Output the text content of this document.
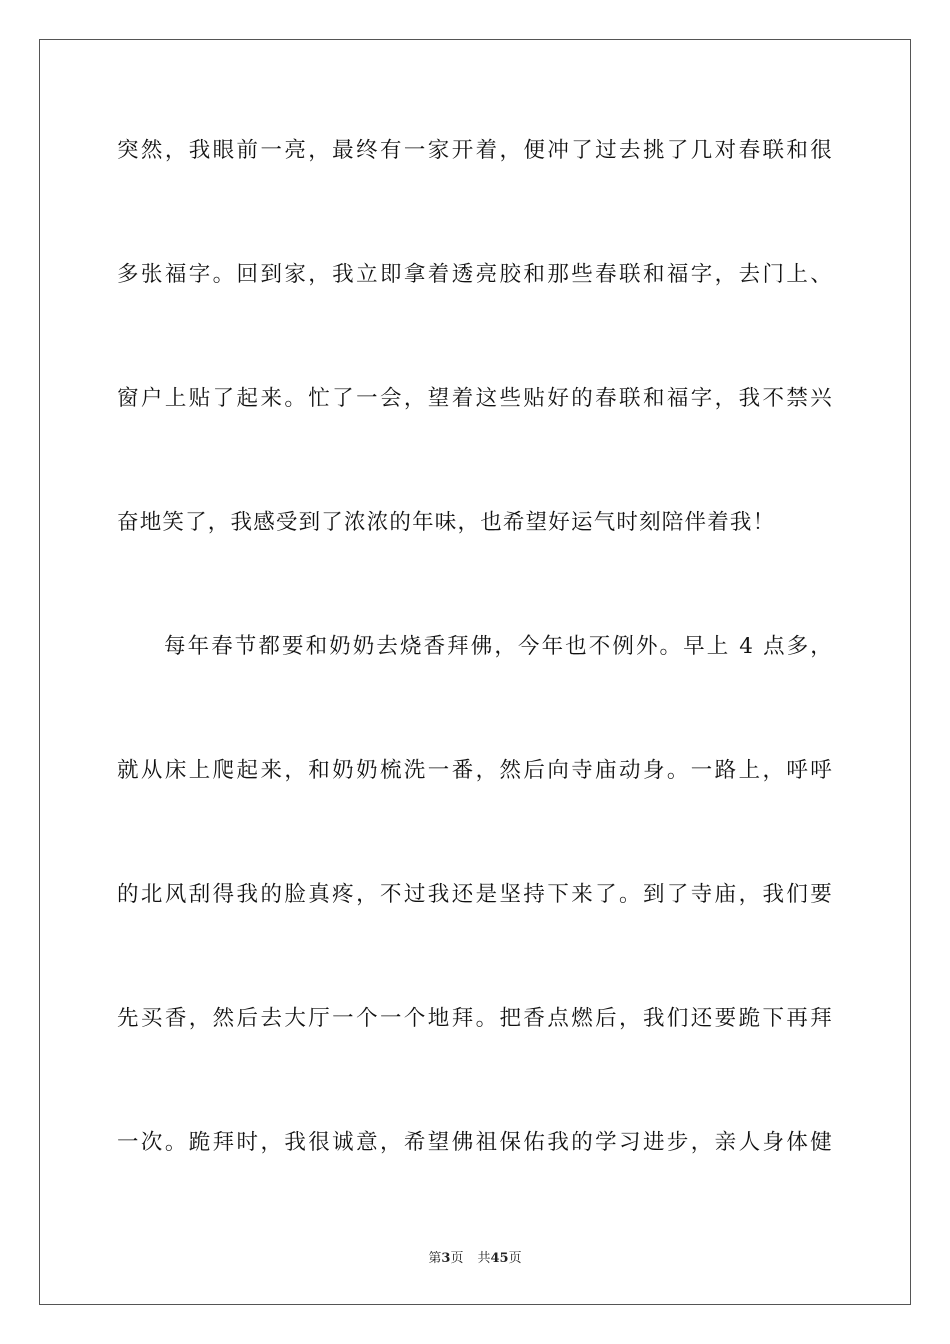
突然，我眼前一亮，最终有一家开着，便冲了过去挑了几对春联和很
多张福字。回到家，我立即拿着透亮胶和那些春联和福字，去门上、
窗户上贴了起来。忙了一会，望着这些贴好的春联和福字，我不禁兴
奋地笑了，我感受到了浓浓的年味，也希望好运气时刻陪伴着我！
每年春节都要和奶奶去烧香拜佛，今年也不例外。早上 4 点多，
就从床上爬起来，和奶奶梳洗一番，然后向寺庙动身。一路上，呼呼
的北风刮得我的脸真疼，不过我还是坚持下来了。到了寺庙，我们要
先买香，然后去大厅一个一个地拜。把香点燃后，我们还要跪下再拜
一次。跪拜时，我很诚意，希望佛祖保佑我的学习进步，亲人身体健
第3页 共45页
